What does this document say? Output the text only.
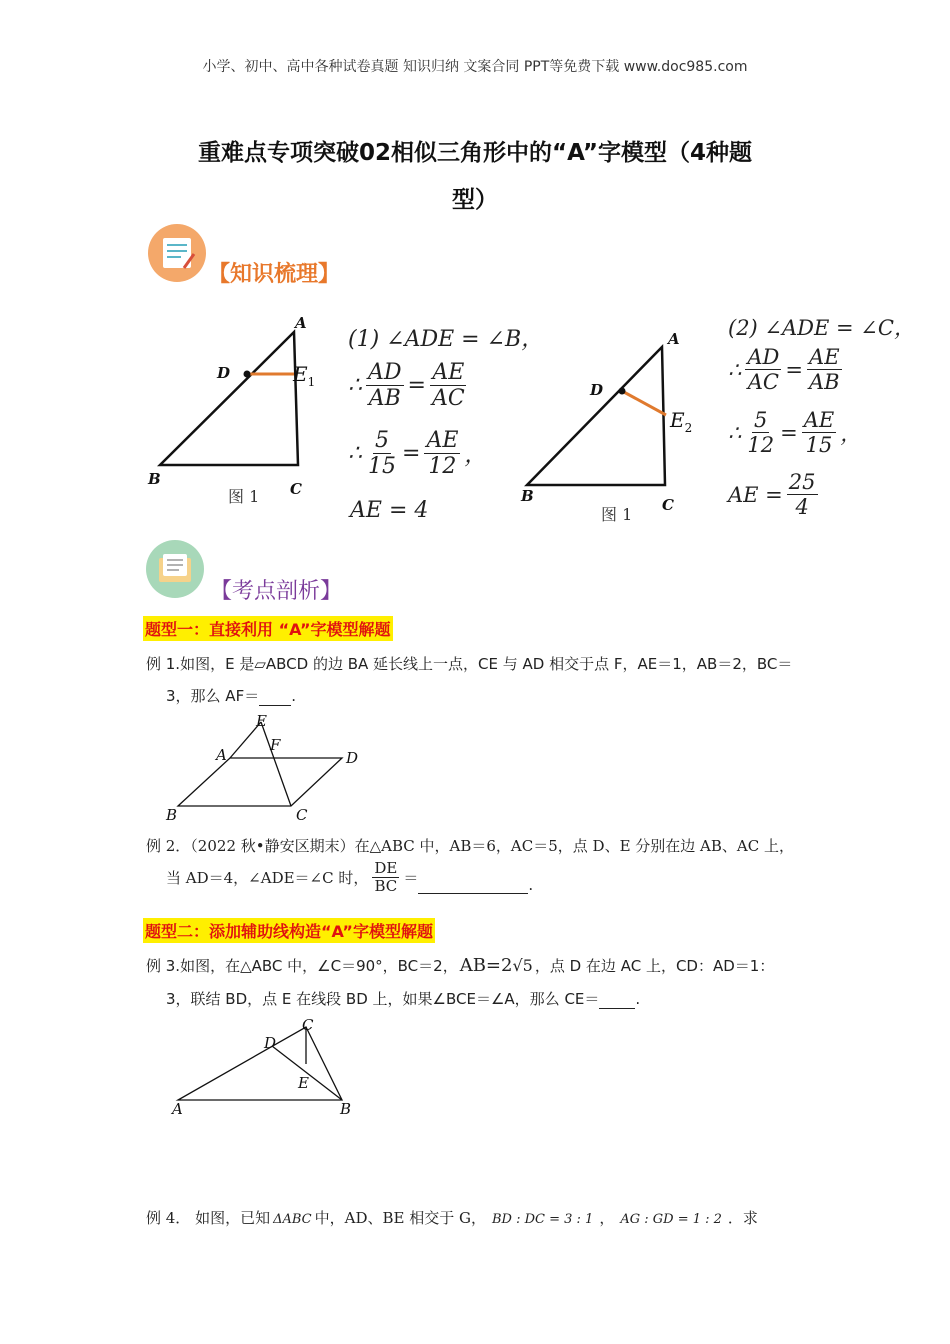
小学、初中、高中各种试卷真题 知识归纳 文案合同 PPT等免费下载 www.doc985.com
重难点专项突破02相似三角形中的“A”字模型（4种题
型）
【知识梳理】
A
D	$E_1$
B
C
图 1
(1) ∠ADE = ∠B，
∴ $\frac{AD}{AB} = \frac{AE}{AC}$
∴ $\frac{5}{15} = \frac{AE}{12}$ ，
AE = 4
A
D
$E_2$
B	C
图 1
(2) ∠ADE = ∠C，
∴ $\frac{AD}{AC} = \frac{AE}{AB}$
∴ $\frac{5}{12} = \frac{AE}{15}$ ，
AE = $\frac{25}{4}$
【考点剖析】
题型一：直接利用 “A”字模型解题
例 1.如图，E 是▱ABCD 的边 BA 延长线上一点，CE 与 AD 相交于点 F，AE＝1，AB＝2，BC＝
3，那么 AF＝ .
E
A
F
D
B	C
例 2．（2022 秋•静安区期末）在△ABC 中，AB＝6，AC＝5，点 D、E 分别在边 AB、AC 上，
当 AD＝4，∠ADE＝∠C 时， $\frac{DE}{BC}$ ＝
	.
题型二：添加辅助线构造“A”字模型解题
例 3.如图，在△ABC 中，∠C＝90°，BC＝2， AB=2√5 ，点 D 在边 AC 上，CD：AD＝1：
3，联结 BD，点 E 在线段 BD 上，如果∠BCE＝∠A，那么 CE＝ .
C
D
E
A	B
例 4． 如图，已知 ΔABC 中，AD、BE 相交于 G， BD : DC = 3 : 1 ， AG : GD = 1 : 2 ．求
